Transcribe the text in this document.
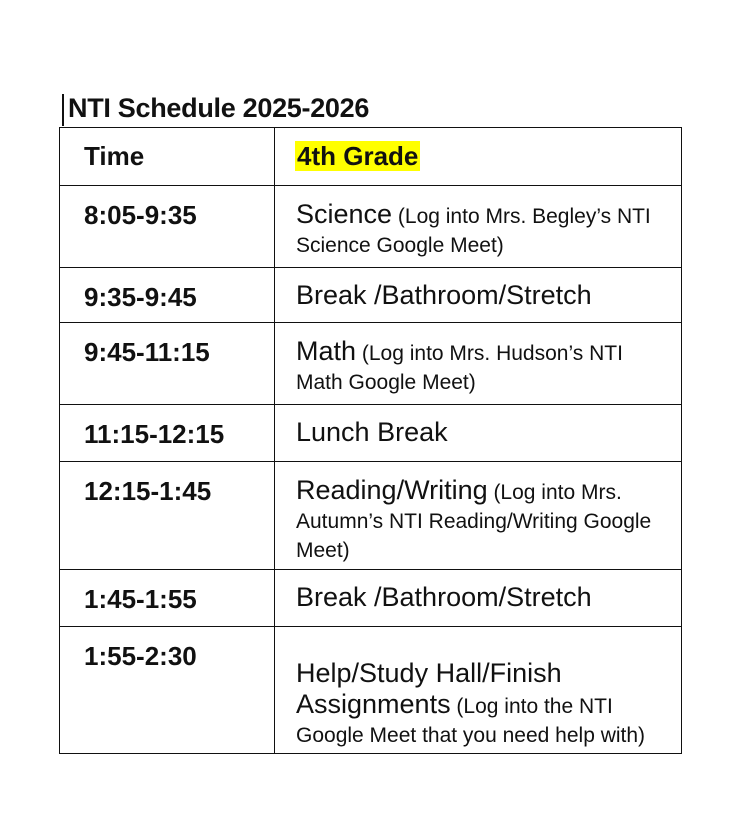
NTI Schedule 2025-2026
Time	4th Grade

8:05-9:35	Science (Log into Mrs. Begley’s NTI Science Google Meet)

9:35-9:45	Break /Bathroom/Stretch

9:45-11:15	Math (Log into Mrs. Hudson’s NTI Math Google Meet)

11:15-12:15	Lunch Break

12:15-1:45	Reading/Writing (Log into Mrs. Autumn’s NTI Reading/Writing Google Meet)

1:45-1:55	Break /Bathroom/Stretch

1:55-2:30	Help/Study Hall/Finish Assignments (Log into the NTI Google Meet that you need help with)
